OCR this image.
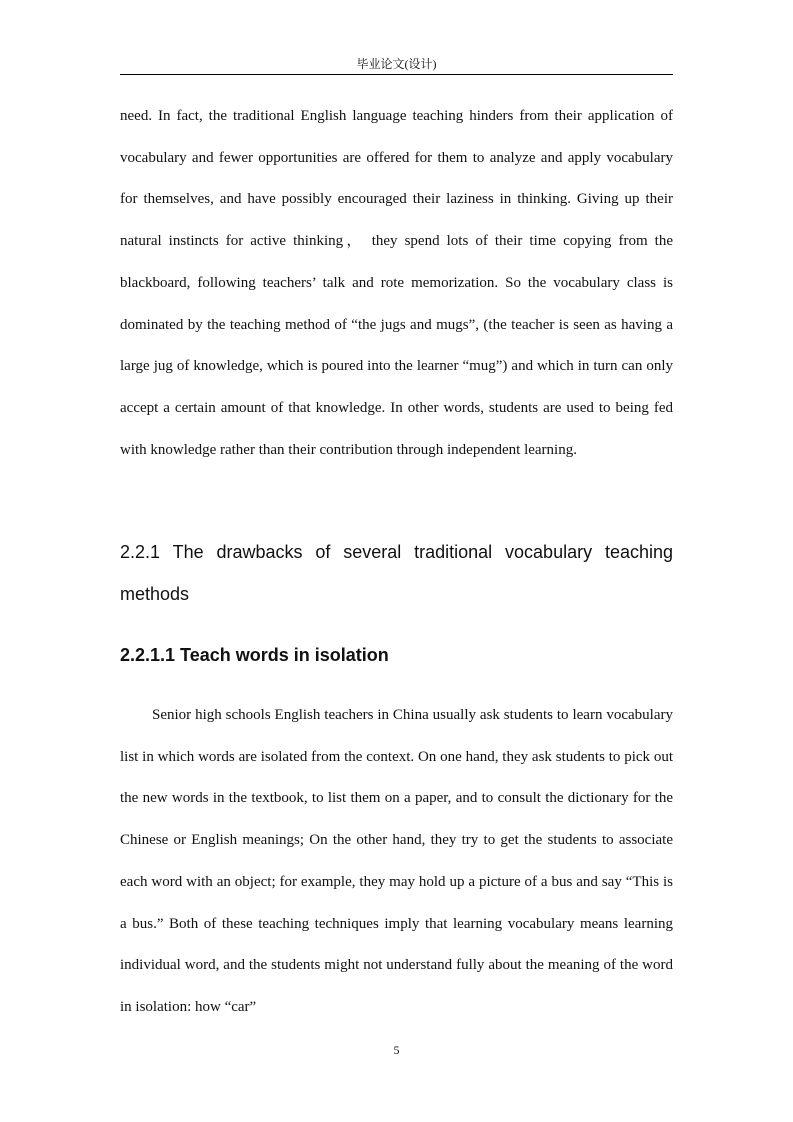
毕业论文(设计)

need. In fact, the traditional English language teaching hinders from their application of vocabulary and fewer opportunities are offered for them to analyze and apply vocabulary for themselves, and have possibly encouraged their laziness in thinking. Giving up their natural instincts for active thinking， they spend lots of their time copying from the blackboard, following teachers’ talk and rote memorization. So the vocabulary class is dominated by the teaching method of “the jugs and mugs”, (the teacher is seen as having a large jug of knowledge, which is poured into the learner “mug”) and which in turn can only accept a certain amount of that knowledge. In other words, students are used to being fed with knowledge rather than their contribution through independent learning.

2.2.1 The drawbacks of several traditional vocabulary teaching methods
2.2.1.1 Teach words in isolation

Senior high schools English teachers in China usually ask students to learn vocabulary list in which words are isolated from the context. On one hand, they ask students to pick out the new words in the textbook, to list them on a paper, and to consult the dictionary for the Chinese or English meanings; On the other hand, they try to get the students to associate each word with an object; for example, they may hold up a picture of a bus and say “This is a bus.” Both of these teaching techniques imply that learning vocabulary means learning individual word, and the students might not understand fully about the meaning of the word in isolation: how “car”

5
